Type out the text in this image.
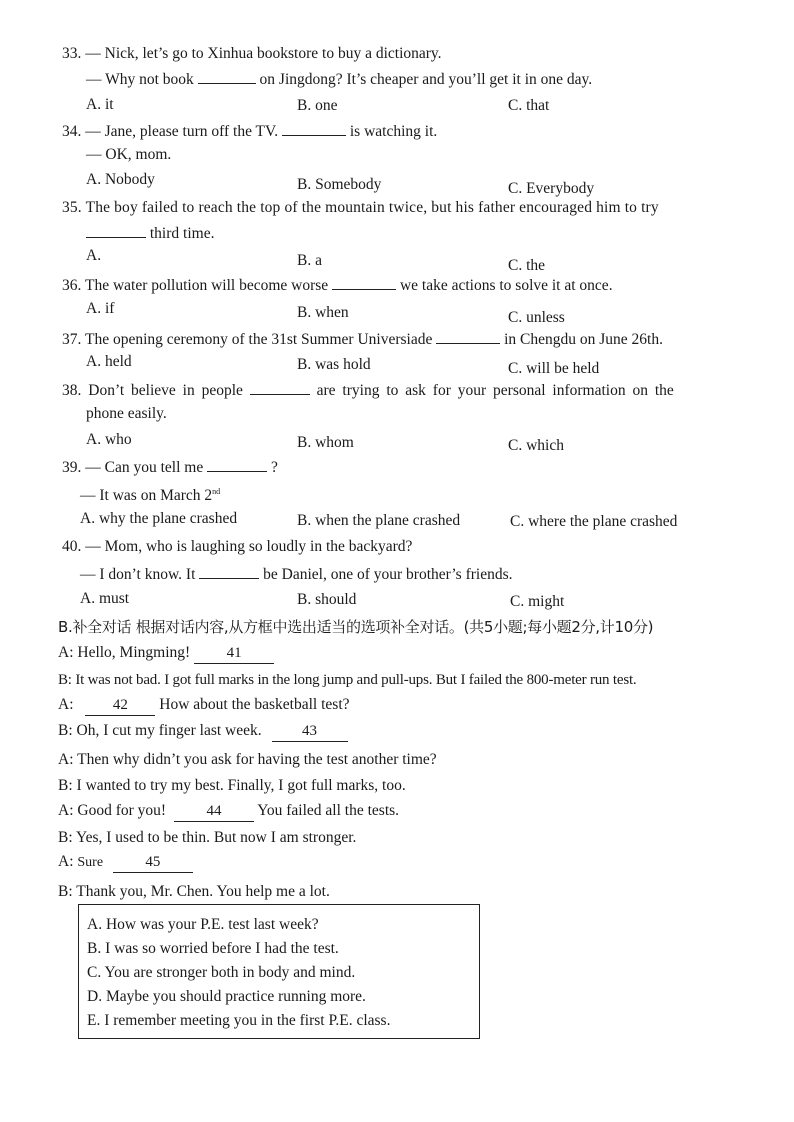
33. — Nick, let’s go to Xinhua bookstore to buy a dictionary.
— Why not book	on Jingdong? It’s cheaper and you’ll get it in one day.
A. it	B. one	C. that
34. — Jane, please turn off the TV.	is watching it.
— OK, mom.
A. Nobody	B. Somebody	C. Everybody
35. The boy failed to reach the top of the mountain twice, but his father encouraged him to try
third time.
A.	B. a	C. the
36. The water pollution will become worse	we take actions to solve it at once.
A. if	B. when	C. unless
37. The opening ceremony of the 31st Summer Universiade	in Chengdu on June 26th.
A. held	B. was hold	C. will be held
38. Don’t believe in people	are trying to ask for your personal information on the
phone easily.
A. who	B. whom	C. which
39. — Can you tell me	?
— It was on March 2nd
A. why the plane crashed	B. when the plane crashed	C. where the plane crashed
40. — Mom, who is laughing so loudly in the backyard?
— I don’t know. It	be Daniel, one of your brother’s friends.
A. must	B. should	C. might
B.补全对话 根据对话内容,从方框中选出适当的选项补全对话。(共5小题;每小题2分,计10分)
A: Hello, Mingming! 41
B: It was not bad. I got full marks in the long jump and pull-ups. But I failed the 800-meter run test.
A:	42 How about the basketball test?
B: Oh, I cut my finger last week.	43
A: Then why didn’t you ask for having the test another time?
B: I wanted to try my best. Finally, I got full marks, too.
A: Good for you!	44 You failed all the tests.
B: Yes, I used to be thin. But now I am stronger.
A: Sure	45
B: Thank you, Mr. Chen. You help me a lot.
A. How was your P.E. test last week?
B. I was so worried before I had the test.
C. You are stronger both in body and mind.
D. Maybe you should practice running more.
E. I remember meeting you in the first P.E. class.
